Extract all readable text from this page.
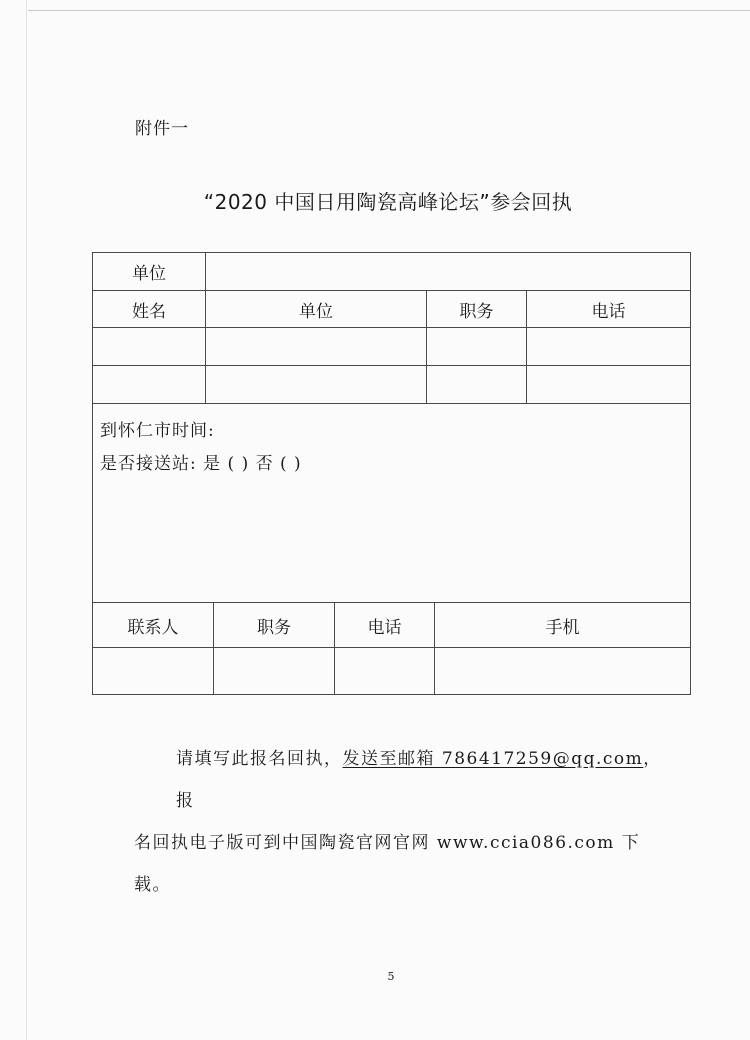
附件一
“2020 中国日用陶瓷高峰论坛”参会回执
单位						
姓名	单位			职务		电话

到怀仁市时间:
是否接送站: 是 ( ) 否 ( )						

联系人		职务	电话		手机	

请填写此报名回执，发送至邮箱 786417259@qq.com，报
名回执电子版可到中国陶瓷官网官网 www.ccia086.com 下载。
5
